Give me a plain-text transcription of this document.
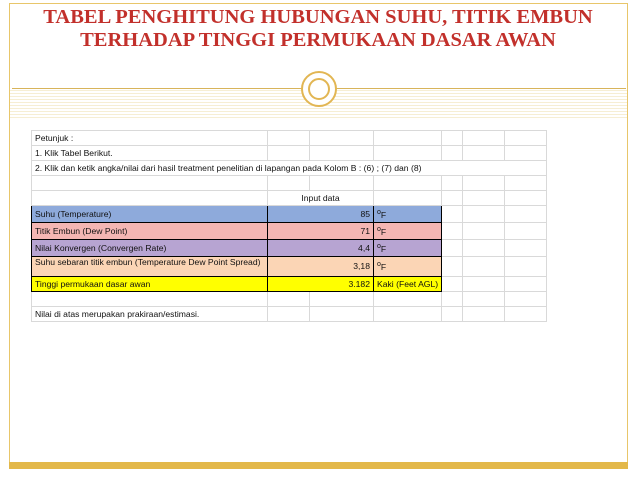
TABEL PENGHITUNG HUBUNGAN SUHU, TITIK EMBUN
TERHADAP TINGGI PERMUKAAN DASAR AWAN
Petunjuk :						
1. Klik Tabel Berikut.						
2. Klik dan ketik angka/nilai dari hasil treatment penelitian di lapangan pada Kolom B : (6) ; (7) dan (8)						

	Input data					
Suhu (Temperature)	85		$^o$F			
Titik Embun (Dew Point)	71		$^o$F			
Nilai Konvergen (Convergen Rate)	4,4		$^o$F			
Suhu sebaran titik embun (Temperature Dew Point Spread)	3,18		$^o$F			
Tinggi permukaan dasar awan	3.182		Kaki (Feet AGL)			

Nilai di atas merupakan prakiraan/estimasi.						
